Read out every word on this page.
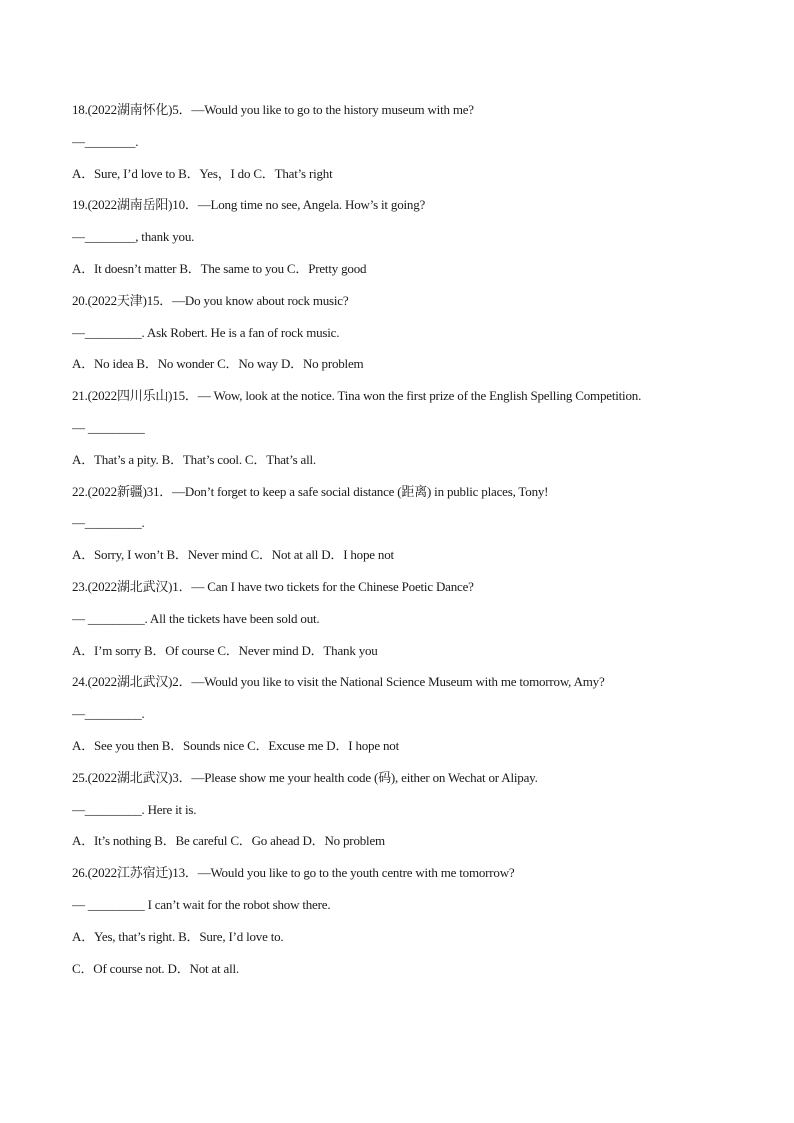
18.(2022湖南怀化)5．—Would you like to go to the history museum with me?
—________.
A．Sure, I’d love to B．Yes，I do C．That’s right
19.(2022湖南岳阳)10．—Long time no see, Angela. How’s it going?
—________, thank you.
A．It doesn’t matter B．The same to you C．Pretty good
20.(2022天津)15．—Do you know about rock music?
—_________. Ask Robert. He is a fan of rock music.
A．No idea B．No wonder C．No way D．No problem
21.(2022四川乐山)15．— Wow, look at the notice. Tina won the first prize of the English Spelling Competition.
— _________
A．That’s a pity. B．That’s cool. C．That’s all.
22.(2022新疆)31．—Don’t forget to keep a safe social distance (距离) in public places, Tony!
—_________.
A．Sorry, I won’t B．Never mind C．Not at all D．I hope not
23.(2022湖北武汉)1．— Can I have two tickets for the Chinese Poetic Dance?
— _________. All the tickets have been sold out.
A．I’m sorry B．Of course C．Never mind D．Thank you
24.(2022湖北武汉)2．—Would you like to visit the National Science Museum with me tomorrow, Amy?
—_________.
A．See you then B．Sounds nice C．Excuse me D．I hope not
25.(2022湖北武汉)3．—Please show me your health code (码), either on Wechat or Alipay.
—_________. Here it is.
A．It’s nothing B．Be careful C．Go ahead D．No problem
26.(2022江苏宿迁)13．—Would you like to go to the youth centre with me tomorrow?
— _________ I can’t wait for the robot show there.
A．Yes, that’s right. B．Sure, I’d love to.
C．Of course not. D．Not at all.
